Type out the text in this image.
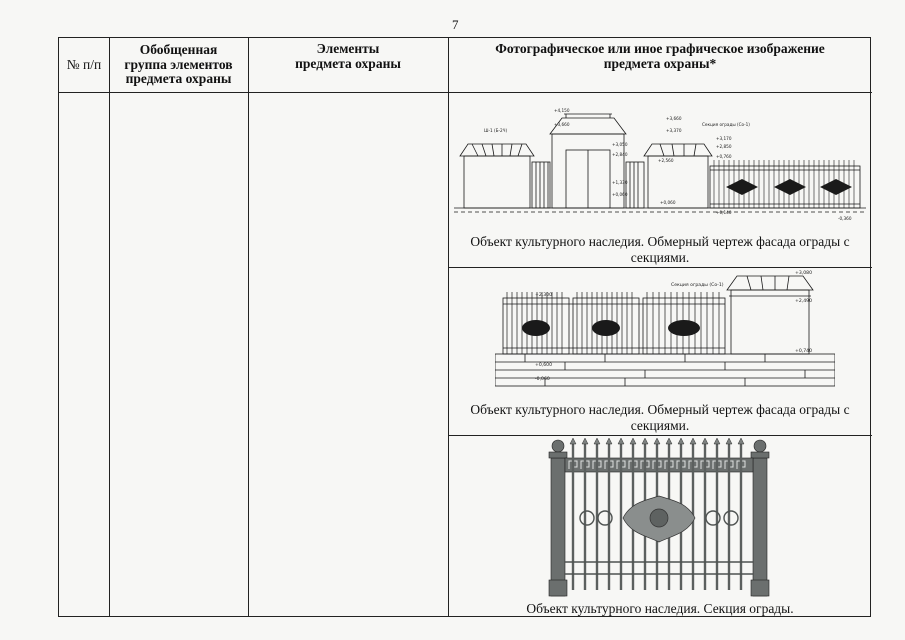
7
№ п/п
Обобщенная группа элементов предмета охраны
Элементы предмета охраны
Фотографическое или иное графическое изображение предмета охраны*
Ш-1 (Б-2Ч)
Секция ограды (Со-1)
+4,150
+3,660
+3,660
+3,370
+3,050
+2,840
+2,560
+3,170
+2,850
+0,760
+1,330
+0,060
+0,060
+0,140
-0,360
Объект культурного наследия. Обмерный чертеж фасада ограды с секциями.
Секция ограды (Со-1)
+3,080
+2,300
+2,490
+0,740
+0,600
-0,060
Объект культурного наследия. Обмерный чертеж фасада ограды с секциями.
Объект культурного наследия. Секция ограды.
